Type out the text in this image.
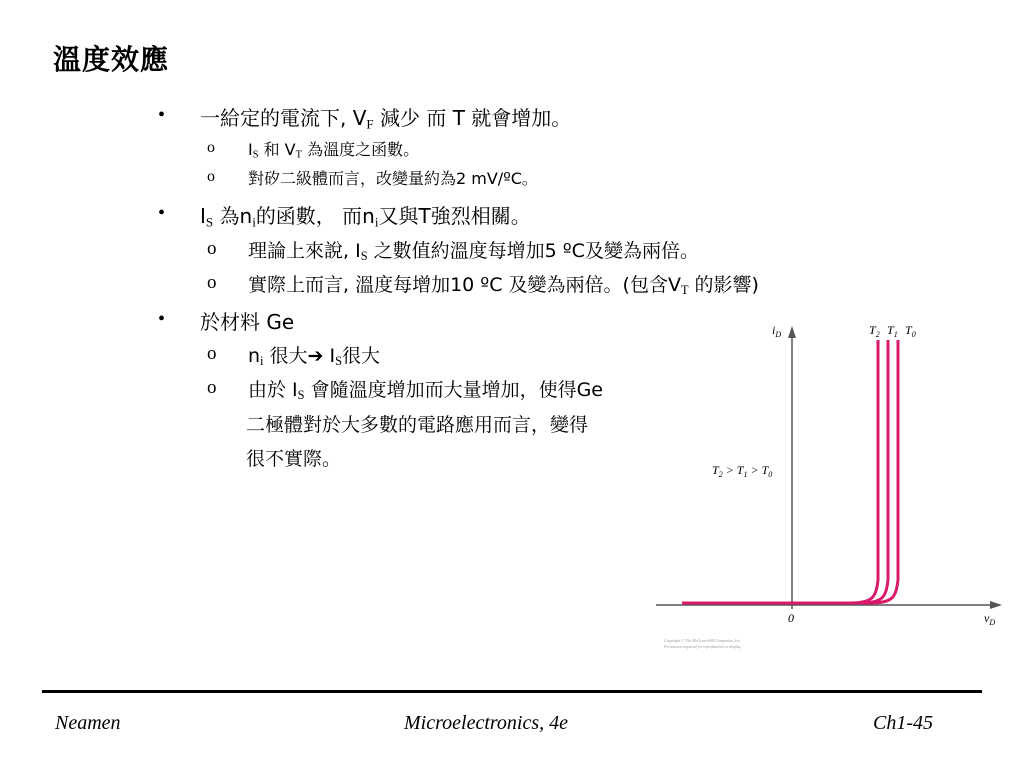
溫度效應
• 一給定的電流下, $V_F$ 減少 而 T 就會增加。
o $I_S$ 和 $V_T$ 為溫度之函數。
o 對矽二級體而言，改變量約為2 mV/ºC。
• $I_S$ 為$n_i$的函數， 而$n_i$又與T強烈相關。
o 理論上來說, $I_S$ 之數值約溫度每增加5 ºC及變為兩倍。
o 實際上而言, 溫度每增加10 ºC 及變為兩倍。(包含$V_T$ 的影響)
• 於材料 Ge
o $n_i$ 很大➔ $I_S$很大
o 由於 $I_S$ 會隨溫度增加而大量增加，使得Ge
二極體對於大多數的電路應用而言，變得
很不實際。
$i_D$
$v_D$
0
$T_2$ $T_1$ $T_0$
$T_2 > T_1 > T_0$
Copyright © The McGraw-Hill Companies, Inc.
Permission required for reproduction or display.
Neamen	Microelectronics, 4e	Ch1-45
